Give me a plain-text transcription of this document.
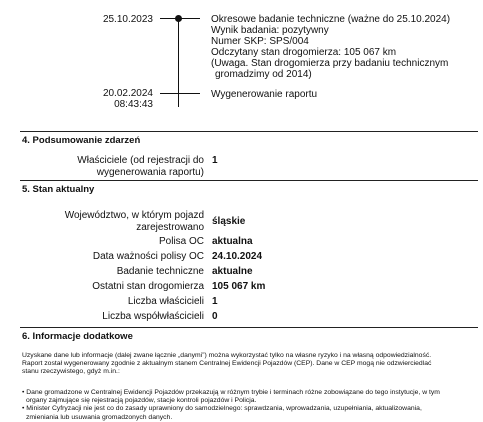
25.10.2023	Okresowe badanie techniczne (ważne do 25.10.2024)
Wynik badania: pozytywny
Numer SKP: SPS/004
Odczytany stan drogomierza: 105 067 km
(Uwaga. Stan drogomierza przy badaniu technicznym
gromadzimy od 2014)
20.02.2024
08:43:43
Wygenerowanie raportu
4. Podsumowanie zdarzeń
Właściciele (od rejestracji do
wygenerowania raportu)
1
5. Stan aktualny
Województwo, w którym pojazd
zarejestrowano
śląskie
Polisa OC aktualna
Data ważności polisy OC 24.10.2024
Badanie techniczne aktualne
Ostatni stan drogomierza 105 067 km
Liczba właścicieli 1
Liczba współwłaścicieli 0
6. Informacje dodatkowe
Uzyskane dane lub informacje (dalej zwane łącznie „danymi”) można wykorzystać tylko na własne ryzyko i na własną odpowiedzialność.
Raport został wygenerowany zgodnie z aktualnym stanem Centralnej Ewidencji Pojazdów (CEP). Dane w CEP mogą nie odzwierciedlać
stanu rzeczywistego, gdyż m.in.:
• Dane gromadzone w Centralnej Ewidencji Pojazdów przekazują w różnym trybie i terminach różne zobowiązane do tego instytucje, w tym
organy zajmujące się rejestracją pojazdów, stacje kontroli pojazdów i Policja.
• Minister Cyfryzacji nie jest co do zasady uprawniony do samodzielnego: sprawdzania, wprowadzania, uzupełniania, aktualizowania,
zmieniania lub usuwania gromadzonych danych.
